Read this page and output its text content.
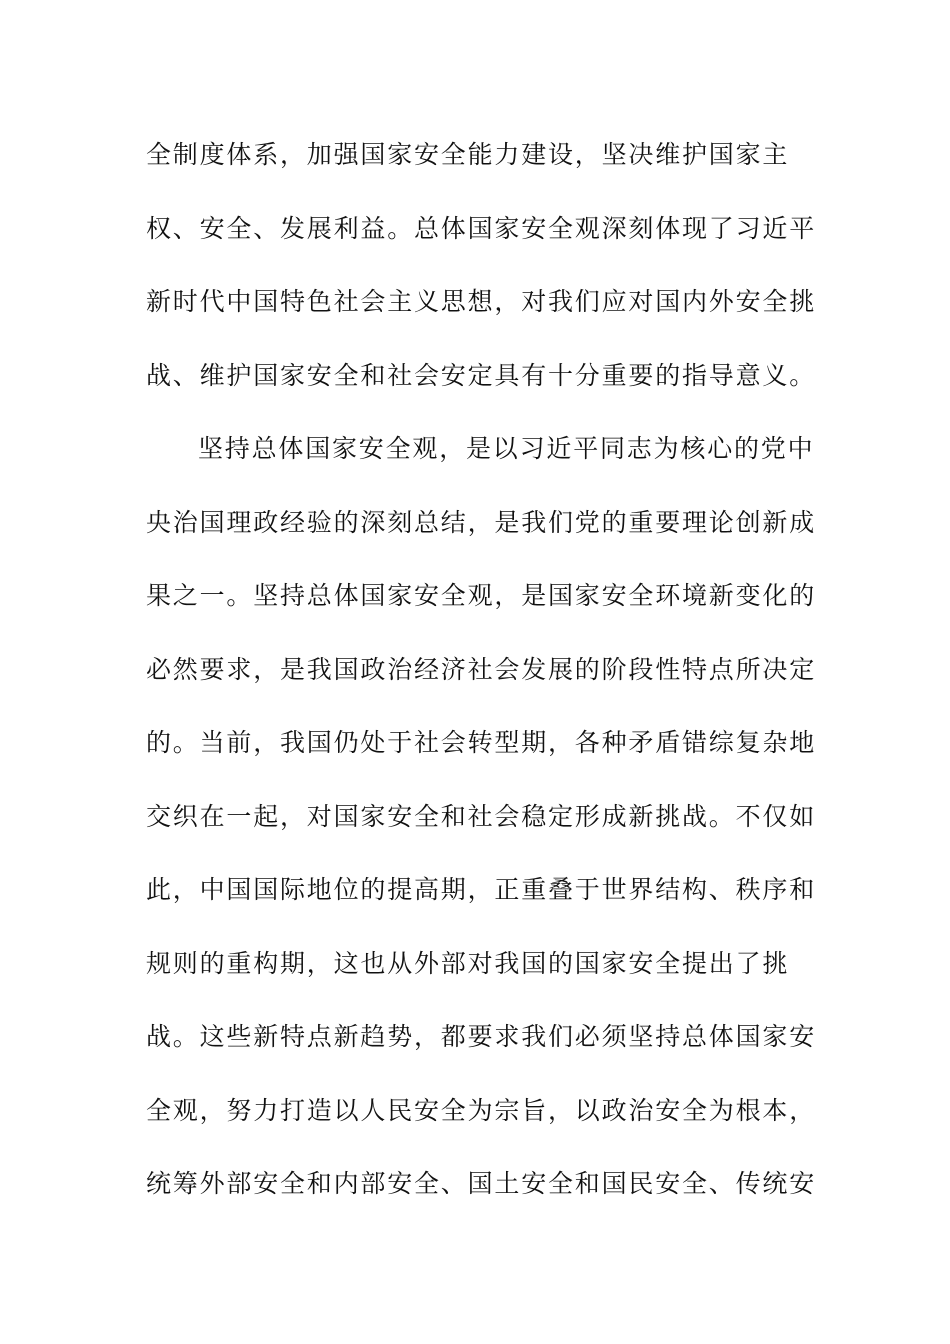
全制度体系，加强国家安全能力建设，坚决维护国家主
权、安全、发展利益。总体国家安全观深刻体现了习近平
新时代中国特色社会主义思想，对我们应对国内外安全挑
战、维护国家安全和社会安定具有十分重要的指导意义。
坚持总体国家安全观，是以习近平同志为核心的党中
央治国理政经验的深刻总结，是我们党的重要理论创新成
果之一。坚持总体国家安全观，是国家安全环境新变化的
必然要求，是我国政治经济社会发展的阶段性特点所决定
的。当前，我国仍处于社会转型期，各种矛盾错综复杂地
交织在一起，对国家安全和社会稳定形成新挑战。不仅如
此，中国国际地位的提高期，正重叠于世界结构、秩序和
规则的重构期，这也从外部对我国的国家安全提出了挑
战。这些新特点新趋势，都要求我们必须坚持总体国家安
全观，努力打造以人民安全为宗旨，以政治安全为根本，
统筹外部安全和内部安全、国土安全和国民安全、传统安
